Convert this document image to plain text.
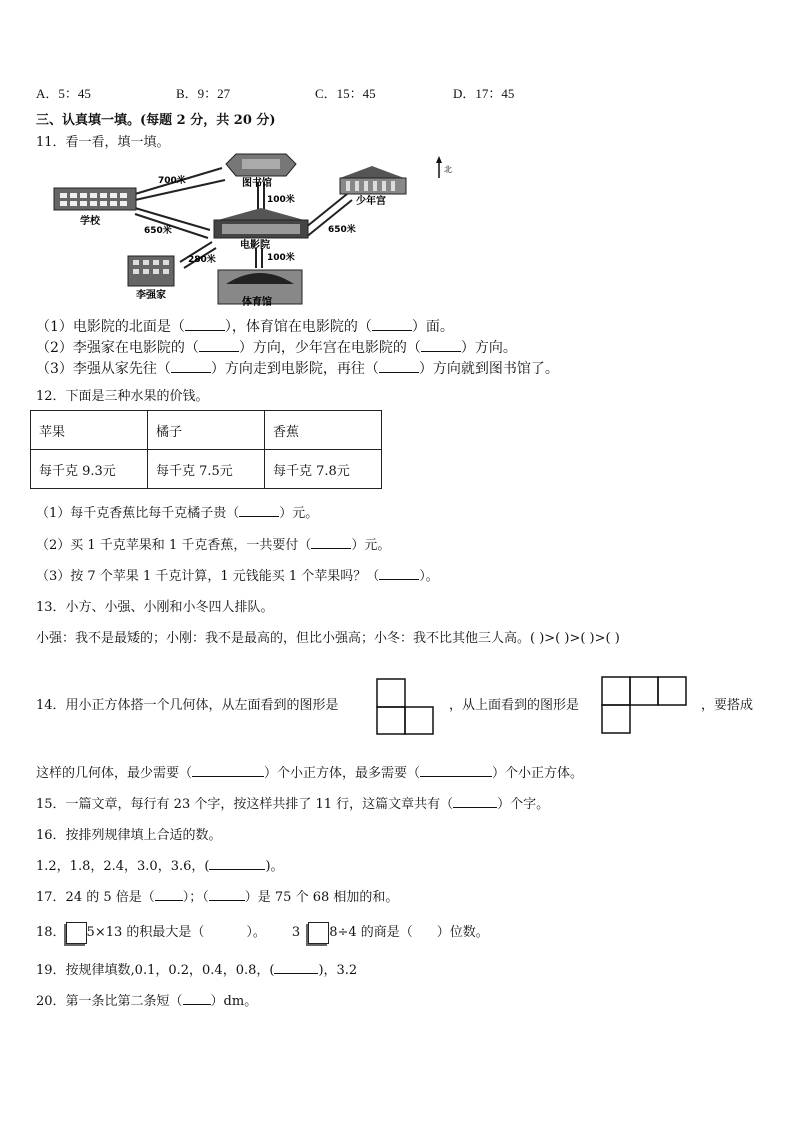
A．5：45	B．9：27	C．15：45	D．17：45
三、认真填一填。(每题 2 分，共 20 分)
11．看一看，填一填。
学校
图书馆
电影院
少年宫
李强家
体育馆
北
700米
100米
650米	650米
280米	100米
（1）电影院的北面是（	），体育馆在电影院的（	）面。
（2）李强家在电影院的（	）方向，少年宫在电影院的（	）方向。
（3）李强从家先往（	）方向走到电影院，再往（	）方向就到图书馆了。
12．下面是三种水果的价钱。
苹果	橘子	香蕉
每千克 9.3元	每千克 7.5元	每千克 7.8元
（1）每千克香蕉比每千克橘子贵（	）元。
（2）买 1 千克苹果和 1 千克香蕉，一共要付（	）元。
（3）按 7 个苹果 1 千克计算，1 元钱能买 1 个苹果吗？（	）。
13．小方、小强、小刚和小冬四人排队。
小强：我不是最矮的；小刚：我不是最高的，但比小强高；小冬：我不比其他三人高。( )>( )>( )>( )
14．用小正方体搭一个几何体，从左面看到的图形是	，从上面看到的图形是	，要搭成
这样的几何体，最少需要（	）个小正方体，最多需要（	）个小正方体。
15．一篇文章，每行有 23 个字，按这样共排了 11 行，这篇文章共有（	）个字。
16．按排列规律填上合适的数。
1.2，1.8，2.4，3.0，3.6，(	)。
17．24 的 5 倍是（ ）；（	）是 75 个 68 相加的和。
18． 5×13 的积最大是（	）。 3 8÷4 的商是（ ）位数。
19．按规律填数,0.1，0.2，0.4，0.8，(	)，3.2
20．第一条比第二条短（ ）dm。
